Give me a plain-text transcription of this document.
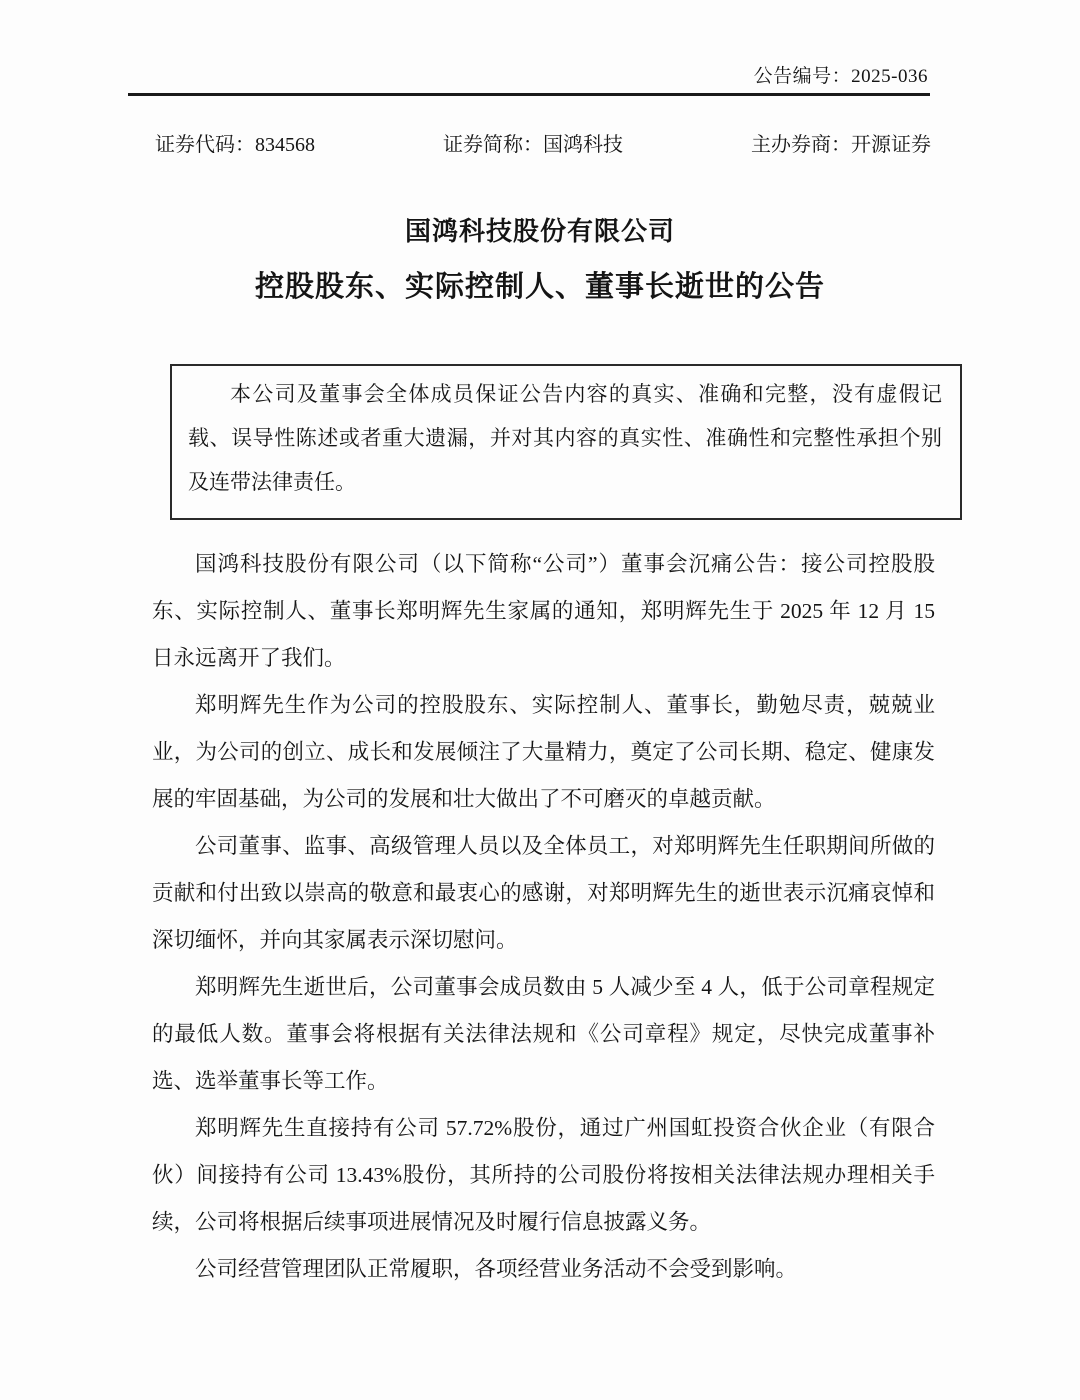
公告编号：2025-036
证券代码：834568	证券简称：国鸿科技	主办券商：开源证券
国鸿科技股份有限公司
控股股东、实际控制人、董事长逝世的公告
本公司及董事会全体成员保证公告内容的真实、准确和完整，没有虚假记载、误导性陈述或者重大遗漏，并对其内容的真实性、准确性和完整性承担个别及连带法律责任。

国鸿科技股份有限公司（以下简称“公司”）董事会沉痛公告：接公司控股股东、实际控制人、董事长郑明辉先生家属的通知，郑明辉先生于 2025 年 12 月 15 日永远离开了我们。

郑明辉先生作为公司的控股股东、实际控制人、董事长，勤勉尽责，兢兢业业，为公司的创立、成长和发展倾注了大量精力，奠定了公司长期、稳定、健康发展的牢固基础，为公司的发展和壮大做出了不可磨灭的卓越贡献。

公司董事、监事、高级管理人员以及全体员工，对郑明辉先生任职期间所做的贡献和付出致以崇高的敬意和最衷心的感谢，对郑明辉先生的逝世表示沉痛哀悼和深切缅怀，并向其家属表示深切慰问。

郑明辉先生逝世后，公司董事会成员数由 5 人减少至 4 人，低于公司章程规定的最低人数。董事会将根据有关法律法规和《公司章程》规定，尽快完成董事补选、选举董事长等工作。

郑明辉先生直接持有公司 57.72%股份，通过广州国虹投资合伙企业（有限合伙）间接持有公司 13.43%股份，其所持的公司股份将按相关法律法规办理相关手续，公司将根据后续事项进展情况及时履行信息披露义务。

公司经营管理团队正常履职，各项经营业务活动不会受到影响。
